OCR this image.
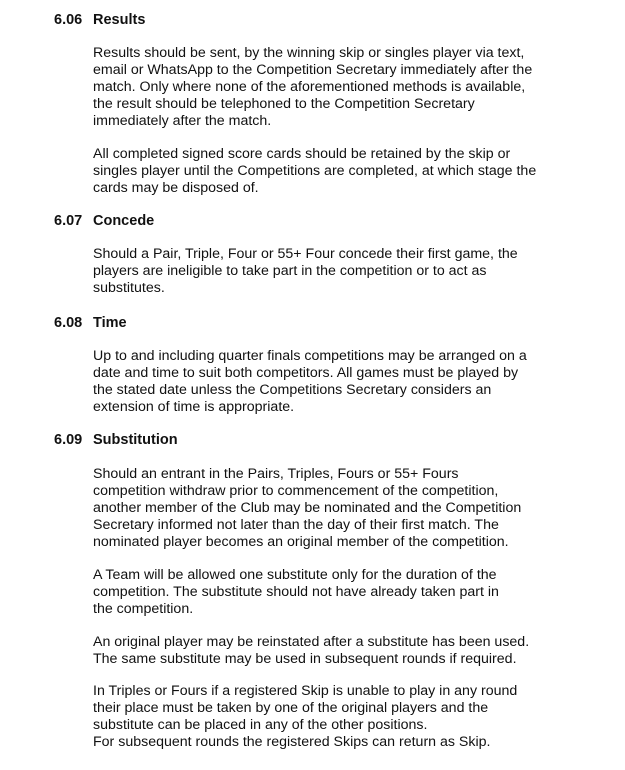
6.06 Results

Results should be sent, by the winning skip or singles player via text,
email or WhatsApp to the Competition Secretary immediately after the
match. Only where none of the aforementioned methods is available,
the result should be telephoned to the Competition Secretary
immediately after the match.

All completed signed score cards should be retained by the skip or
singles player until the Competitions are completed, at which stage the
cards may be disposed of.

6.07 Concede

Should a Pair, Triple, Four or 55+ Four concede their first game, the
players are ineligible to take part in the competition or to act as
substitutes.

6.08 Time

Up to and including quarter finals competitions may be arranged on a
date and time to suit both competitors. All games must be played by
the stated date unless the Competitions Secretary considers an
extension of time is appropriate.

6.09 Substitution

Should an entrant in the Pairs, Triples, Fours or 55+ Fours
competition withdraw prior to commencement of the competition,
another member of the Club may be nominated and the Competition
Secretary informed not later than the day of their first match. The
nominated player becomes an original member of the competition.

A Team will be allowed one substitute only for the duration of the
competition. The substitute should not have already taken part in
the competition.

An original player may be reinstated after a substitute has been used.
The same substitute may be used in subsequent rounds if required.

In Triples or Fours if a registered Skip is unable to play in any round
their place must be taken by one of the original players and the
substitute can be placed in any of the other positions.
For subsequent rounds the registered Skips can return as Skip.
